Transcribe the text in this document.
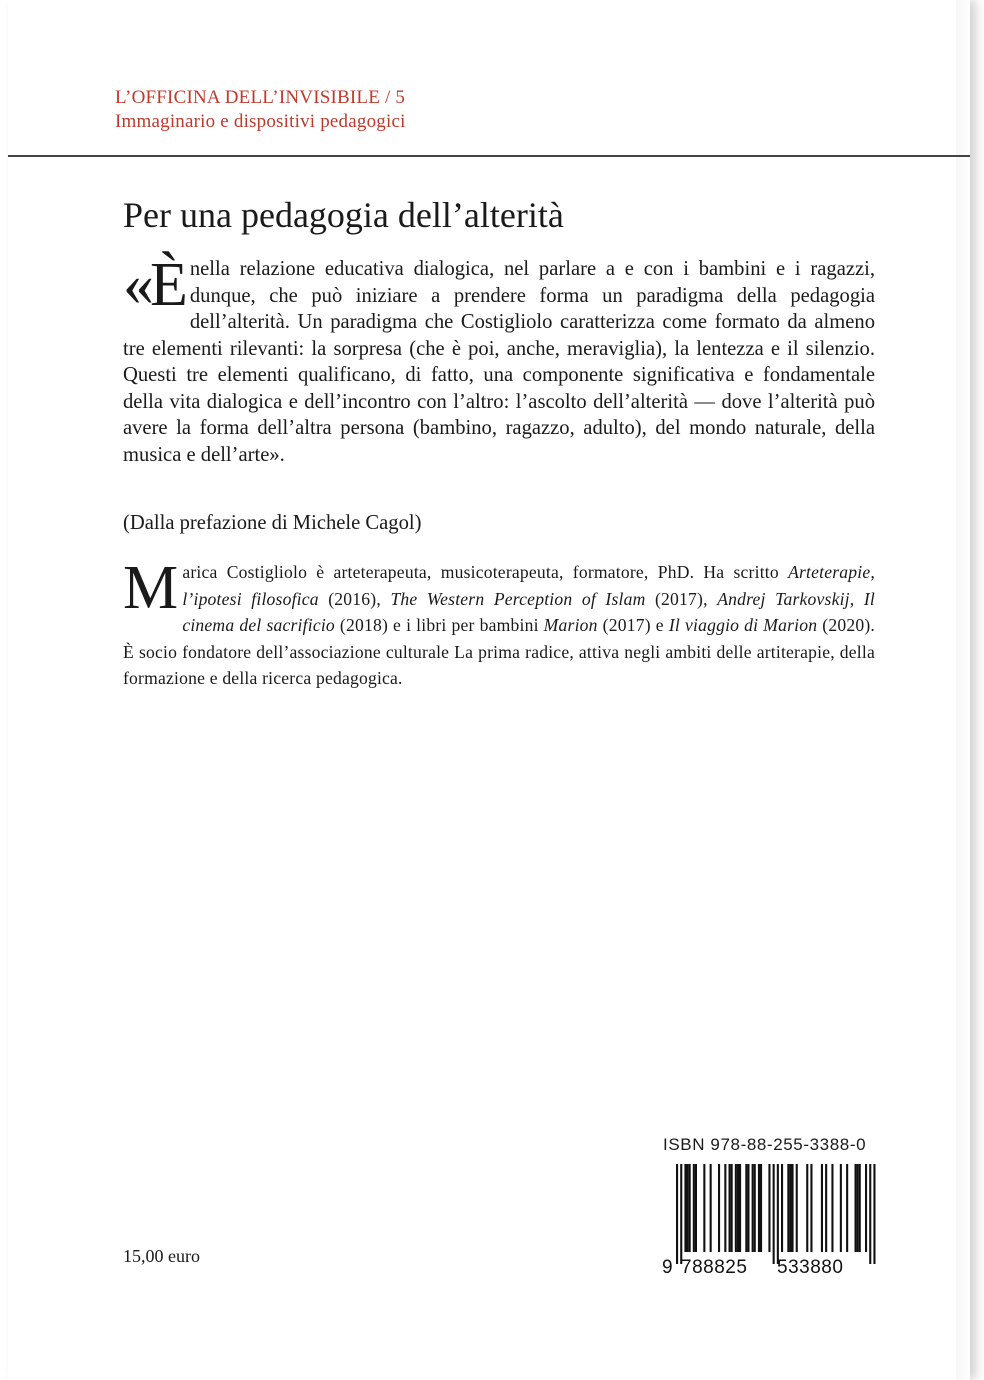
L’OFFICINA DELL’INVISIBILE / 5
Immaginario e dispositivi pedagogici
Per una pedagogia dell’alterità

«Ènella relazione educativa dialogica, nel parlare a e con i bambini e i ragazzi, dunque, che può iniziare a prendere forma un paradigma della pedagogia dell’alterità. Un paradigma che Costigliolo caratterizza come formato da almeno tre elementi rilevanti: la sorpresa (che è poi, anche, meraviglia), la lentezza e il silenzio. Questi tre elementi qualificano, di fatto, una componente significativa e fondamentale della vita dialogica e dell’incontro con l’altro: l’ascolto dell’alterità — dove l’alterità può avere la forma dell’altra persona (bambino, ragazzo, adulto), del mondo naturale, della musica e dell’arte».

(Dalla prefazione di Michele Cagol)

Marica Costigliolo è arteterapeuta, musicoterapeuta, formatore, PhD. Ha scritto Arteterapie, l’ipotesi filosofica (2016), The Western Perception of Islam (2017), Andrej Tarkovskij, Il cinema del sacrificio (2018) e i libri per bambini Marion (2017) e Il viaggio di Marion (2020). È socio fondatore dell’associazione culturale La prima radice, attiva negli ambiti delle artiterapie, della formazione e della ricerca pedagogica.

ISBN 978-88-255-3388-0
9 788825 533880
15,00 euro
